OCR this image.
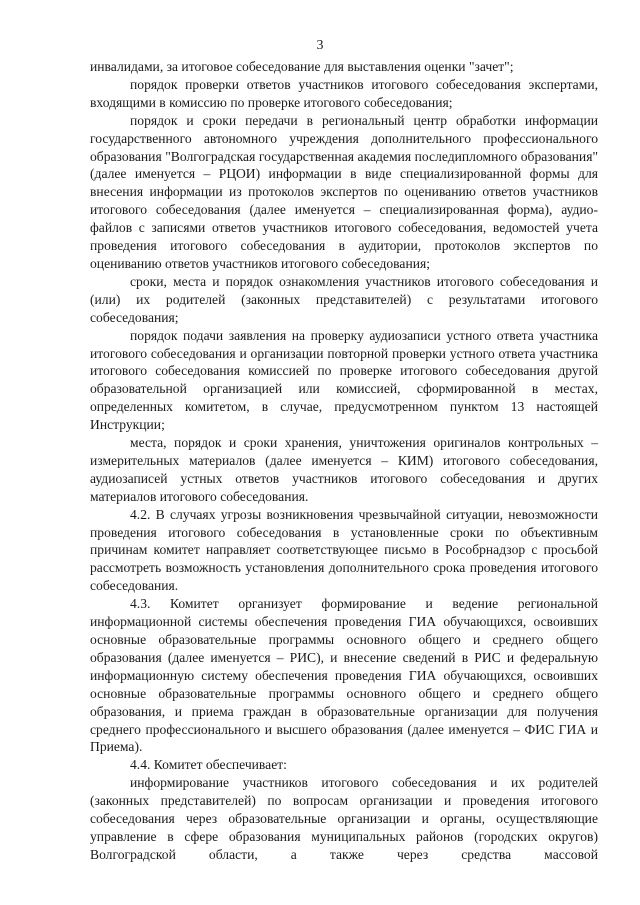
3

инвалидами, за итоговое собеседование для выставления оценки "зачет";

порядок проверки ответов участников итогового собеседования экспертами, входящими в комиссию по проверке итогового собеседования;

порядок и сроки передачи в региональный центр обработки информации государственного автономного учреждения дополнительного профессионального образования "Волгоградская государственная академия последипломного образования" (далее именуется – РЦОИ) информации в виде специализированной формы для внесения информации из протоколов экспертов по оцениванию ответов участников итогового собеседования (далее именуется – специализированная форма), аудио-файлов с записями ответов участников итогового собеседования, ведомостей учета проведения итогового собеседования в аудитории, протоколов экспертов по оцениванию ответов участников итогового собеседования;

сроки, места и порядок ознакомления участников итогового собеседования и (или) их родителей (законных представителей) с результатами итогового собеседования;

порядок подачи заявления на проверку аудиозаписи устного ответа участника итогового собеседования и организации повторной проверки устного ответа участника итогового собеседования комиссией по проверке итогового собеседования другой образовательной организацией или комиссией, сформированной в местах, определенных комитетом, в случае, предусмотренном пунктом 13 настоящей Инструкции;

места, порядок и сроки хранения, уничтожения оригиналов контрольных – измерительных материалов (далее именуется – КИМ) итогового собеседования, аудиозаписей устных ответов участников итогового собеседования и других материалов итогового собеседования.

4.2. В случаях угрозы возникновения чрезвычайной ситуации, невозможности проведения итогового собеседования в установленные сроки по объективным причинам комитет направляет соответствующее письмо в Рособрнадзор с просьбой рассмотреть возможность установления дополнительного срока проведения итогового собеседования.

4.3. Комитет организует формирование и ведение региональной информационной системы обеспечения проведения ГИА обучающихся, освоивших основные образовательные программы основного общего и среднего общего образования (далее именуется – РИС), и внесение сведений в РИС и федеральную информационную систему обеспечения проведения ГИА обучающихся, освоивших основные образовательные программы основного общего и среднего общего образования, и приема граждан в образовательные организации для получения среднего профессионального и высшего образования (далее именуется – ФИС ГИА и Приема).

4.4. Комитет обеспечивает:

информирование участников итогового собеседования и их родителей (законных представителей) по вопросам организации и проведения итогового собеседования через образовательные организации и органы, осуществляющие управление в сфере образования муниципальных районов (городских округов) Волгоградской области, а также через средства массовой
